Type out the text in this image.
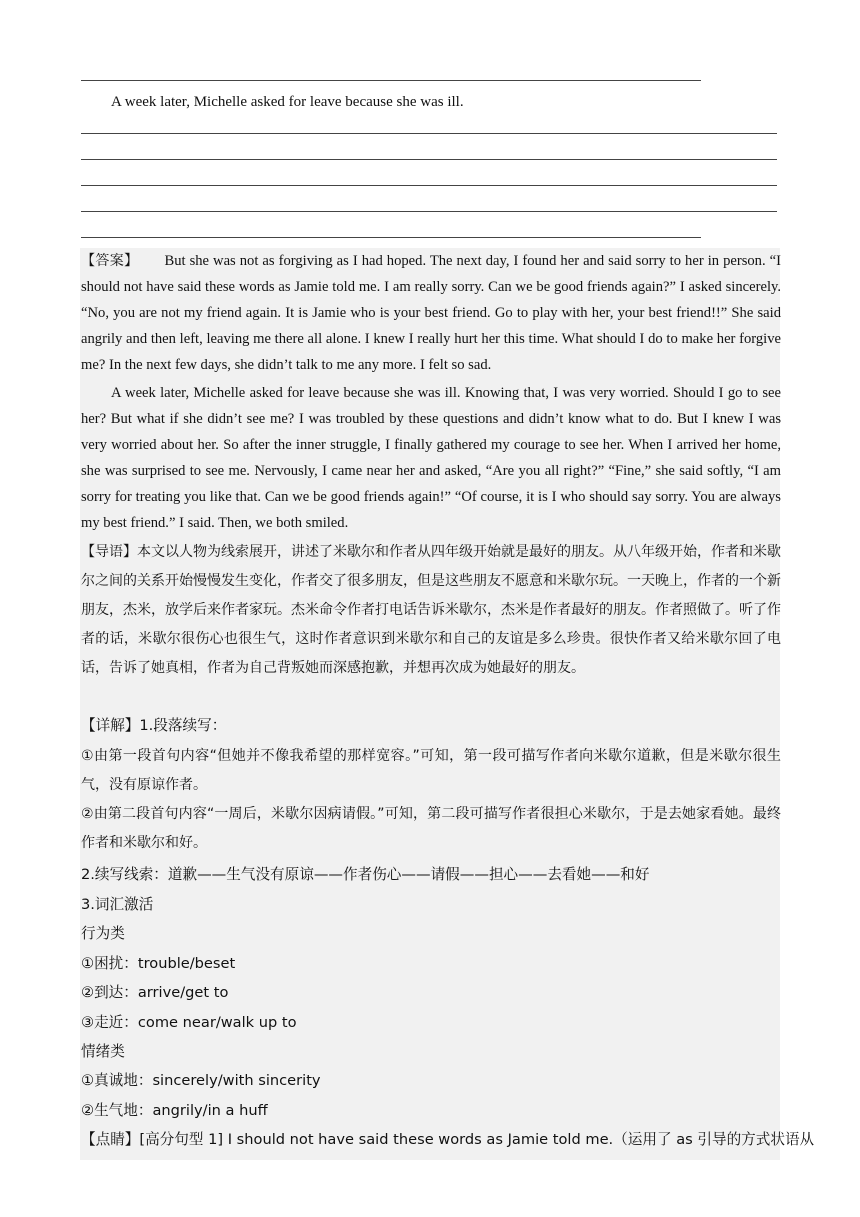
A week later, Michelle asked for leave because she was ill.
【答案】 But she was not as forgiving as I had hoped. The next day, I found her and said sorry to her in person. “I should not have said these words as Jamie told me. I am really sorry. Can we be good friends again?” I asked sincerely. “No, you are not my friend again. It is Jamie who is your best friend. Go to play with her, your best friend!!” She said angrily and then left, leaving me there all alone. I knew I really hurt her this time. What should I do to make her forgive me? In the next few days, she didn’t talk to me any more. I felt so sad.
A week later, Michelle asked for leave because she was ill. Knowing that, I was very worried. Should I go to see her? But what if she didn’t see me? I was troubled by these questions and didn’t know what to do. But I knew I was very worried about her. So after the inner struggle, I finally gathered my courage to see her. When I arrived her home, she was surprised to see me. Nervously, I came near her and asked, “Are you all right?” “Fine,” she said softly, “I am sorry for treating you like that. Can we be good friends again!” “Of course, it is I who should say sorry. You are always my best friend.” I said. Then, we both smiled.
【导语】本文以人物为线索展开，讲述了米歇尔和作者从四年级开始就是最好的朋友。从八年级开始，作者和米歇尔之间的关系开始慢慢发生变化，作者交了很多朋友，但是这些朋友不愿意和米歇尔玩。一天晚上，作者的一个新朋友，杰米，放学后来作者家玩。杰米命令作者打电话告诉米歇尔，杰米是作者最好的朋友。作者照做了。听了作者的话，米歇尔很伤心也很生气，这时作者意识到米歇尔和自己的友谊是多么珍贵。很快作者又给米歇尔回了电话，告诉了她真相，作者为自己背叛她而深感抱歉，并想再次成为她最好的朋友。
【详解】1.段落续写：
①由第一段首句内容“但她并不像我希望的那样宽容。”可知，第一段可描写作者向米歇尔道歉，但是米歇尔很生气，没有原谅作者。
②由第二段首句内容“一周后，米歇尔因病请假。”可知，第二段可描写作者很担心米歇尔，于是去她家看她。最终作者和米歇尔和好。
2.续写线索：道歉——生气没有原谅——作者伤心——请假——担心——去看她——和好
3.词汇激活
行为类
①困扰：trouble/beset
②到达：arrive/get to
③走近：come near/walk up to
情绪类
①真诚地：sincerely/with sincerity
②生气地：angrily/in a huff
【点睛】[高分句型 1] I should not have said these words as Jamie told me.（运用了 as 引导的方式状语从
